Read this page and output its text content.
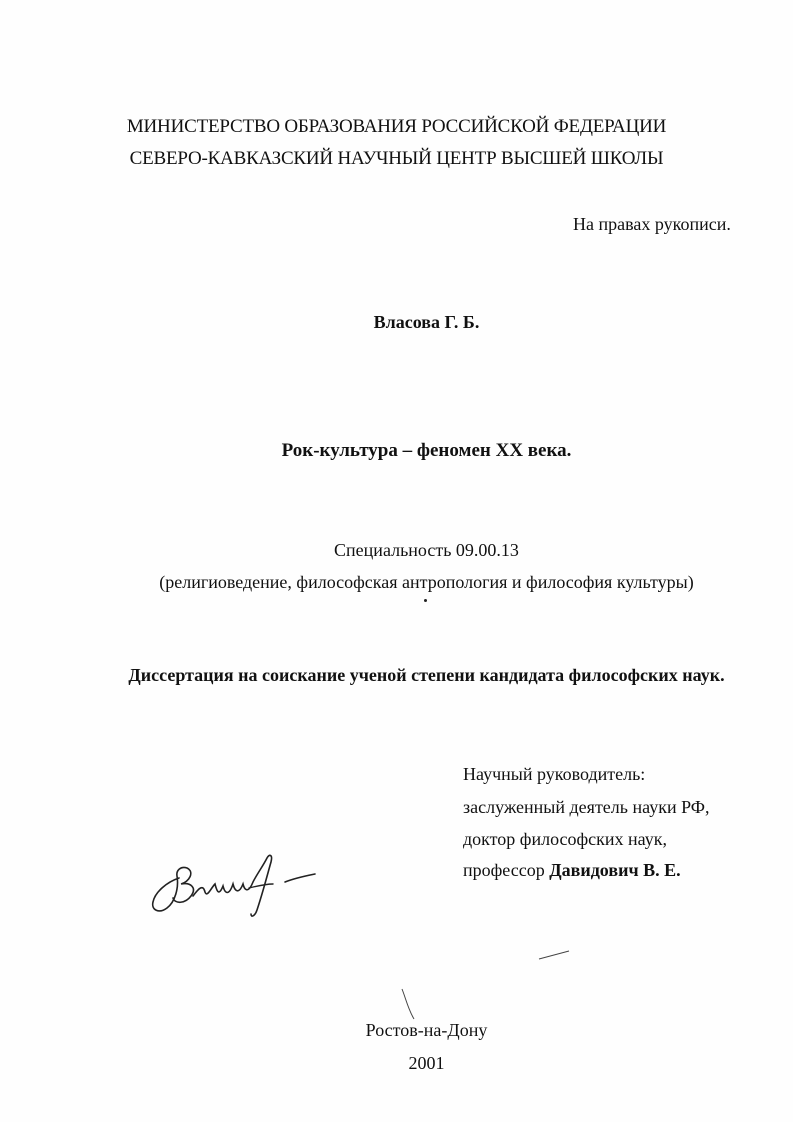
МИНИСТЕРСТВО ОБРАЗОВАНИЯ РОССИЙСКОЙ ФЕДЕРАЦИИ
СЕВЕРО-КАВКАЗСКИЙ НАУЧНЫЙ ЦЕНТР ВЫСШЕЙ ШКОЛЫ
На правах рукописи.
Власова Г. Б.
Рок-культура – феномен XX века.
Специальность 09.00.13
(религиоведение, философская антропология и философия культуры)
Диссертация на соискание ученой степени кандидата философских наук.
Научный руководитель:
заслуженный деятель науки РФ,
доктор философских наук,
профессор Давидович В. Е.
Ростов-на-Дону
2001
